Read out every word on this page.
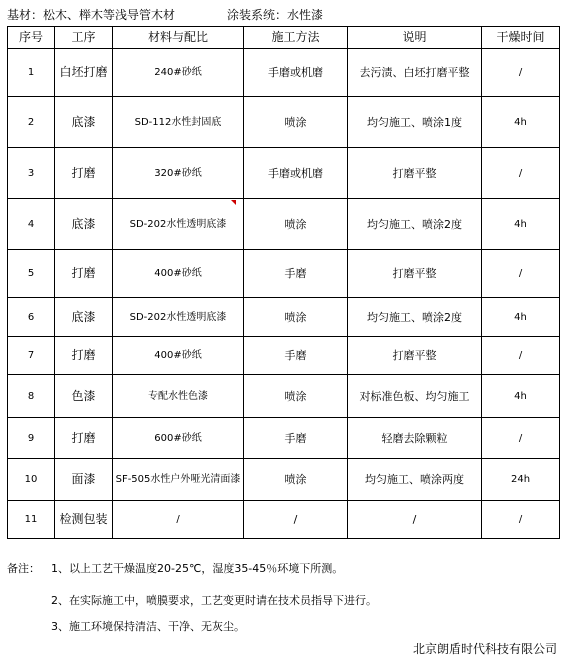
基材：松木、榉木等浅导管木材	涂装系统：水性漆
序号	工序	材料与配比	施工方法	说明	干燥时间
1	白坯打磨	240#砂纸	手磨或机磨	去污渍、白坯打磨平整	/
2	底漆	SD-112水性封固底	喷涂	均匀施工、喷涂1度	4h
3	打磨	320#砂纸	手磨或机磨	打磨平整	/
4	底漆	SD-202水性透明底漆	喷涂	均匀施工、喷涂2度	4h
5	打磨	400#砂纸	手磨	打磨平整	/
6	底漆	SD-202水性透明底漆	喷涂	均匀施工、喷涂2度	4h
7	打磨	400#砂纸	手磨	打磨平整	/
8	色漆	专配水性色漆	喷涂	对标准色板、均匀施工	4h
9	打磨	600#砂纸	手磨	轻磨去除颗粒	/
10	面漆	SF-505水性户外哑光清面漆	喷涂	均匀施工、喷涂两度	24h
11	检测包装	/	/	/	/
备注： 1、以上工艺干燥温度20-25℃，湿度35-45％环境下所测。
2、在实际施工中，喷膜要求，工艺变更时请在技术员指导下进行。
3、施工环境保持清洁、干净、无灰尘。
北京朗盾时代科技有限公司
